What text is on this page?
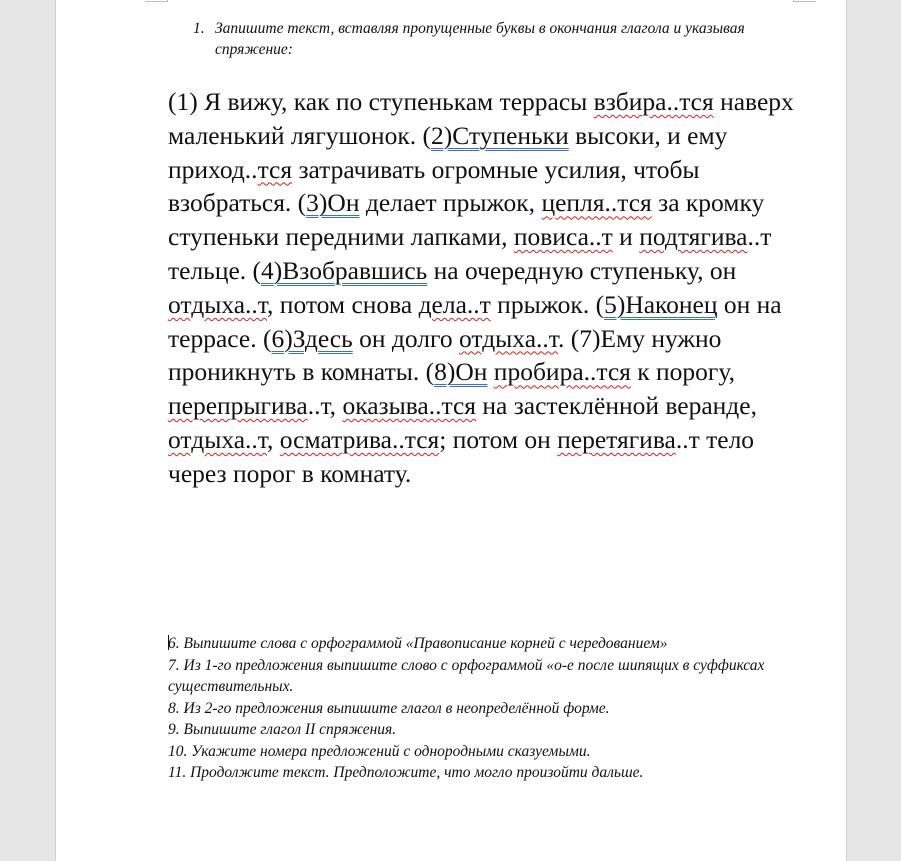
1. Запишите текст, вставляя пропущенные буквы в окончания глагола и указывая спряжение:

(1) Я вижу, как по ступенькам террасы взбира..тся наверх маленький лягушонок. (2)Ступеньки высоки, и ему приход..тся затрачивать огромные усилия, чтобы взобраться. (3)Он делает прыжок, цепля..тся за кромку ступеньки передними лапками, повиса..т и подтягива..т тельце. (4)Взобравшись на очередную ступеньку, он отдыха..т, потом снова дела..т прыжок. (5)Наконец он на террасе. (6)Здесь он долго отдыха..т. (7)Ему нужно проникнуть в комнаты. (8)Он пробира..тся к порогу, перепрыгива..т, оказыва..тся на застеклённой веранде, отдыха..т, осматрива..тся; потом он перетягива..т тело через порог в комнату.

6. Выпишите слова с орфограммой «Правописание корней с чередованием»

7. Из 1-го предложения выпишите слово с орфограммой «о-е после шипящих в суффиксах существительных.

8. Из 2-го предложения выпишите глагол в неопределённой форме.

9. Выпишите глагол II спряжения.

10. Укажите номера предложений с однородными сказуемыми.

11. Продолжите текст. Предположите, что могло произойти дальше.
